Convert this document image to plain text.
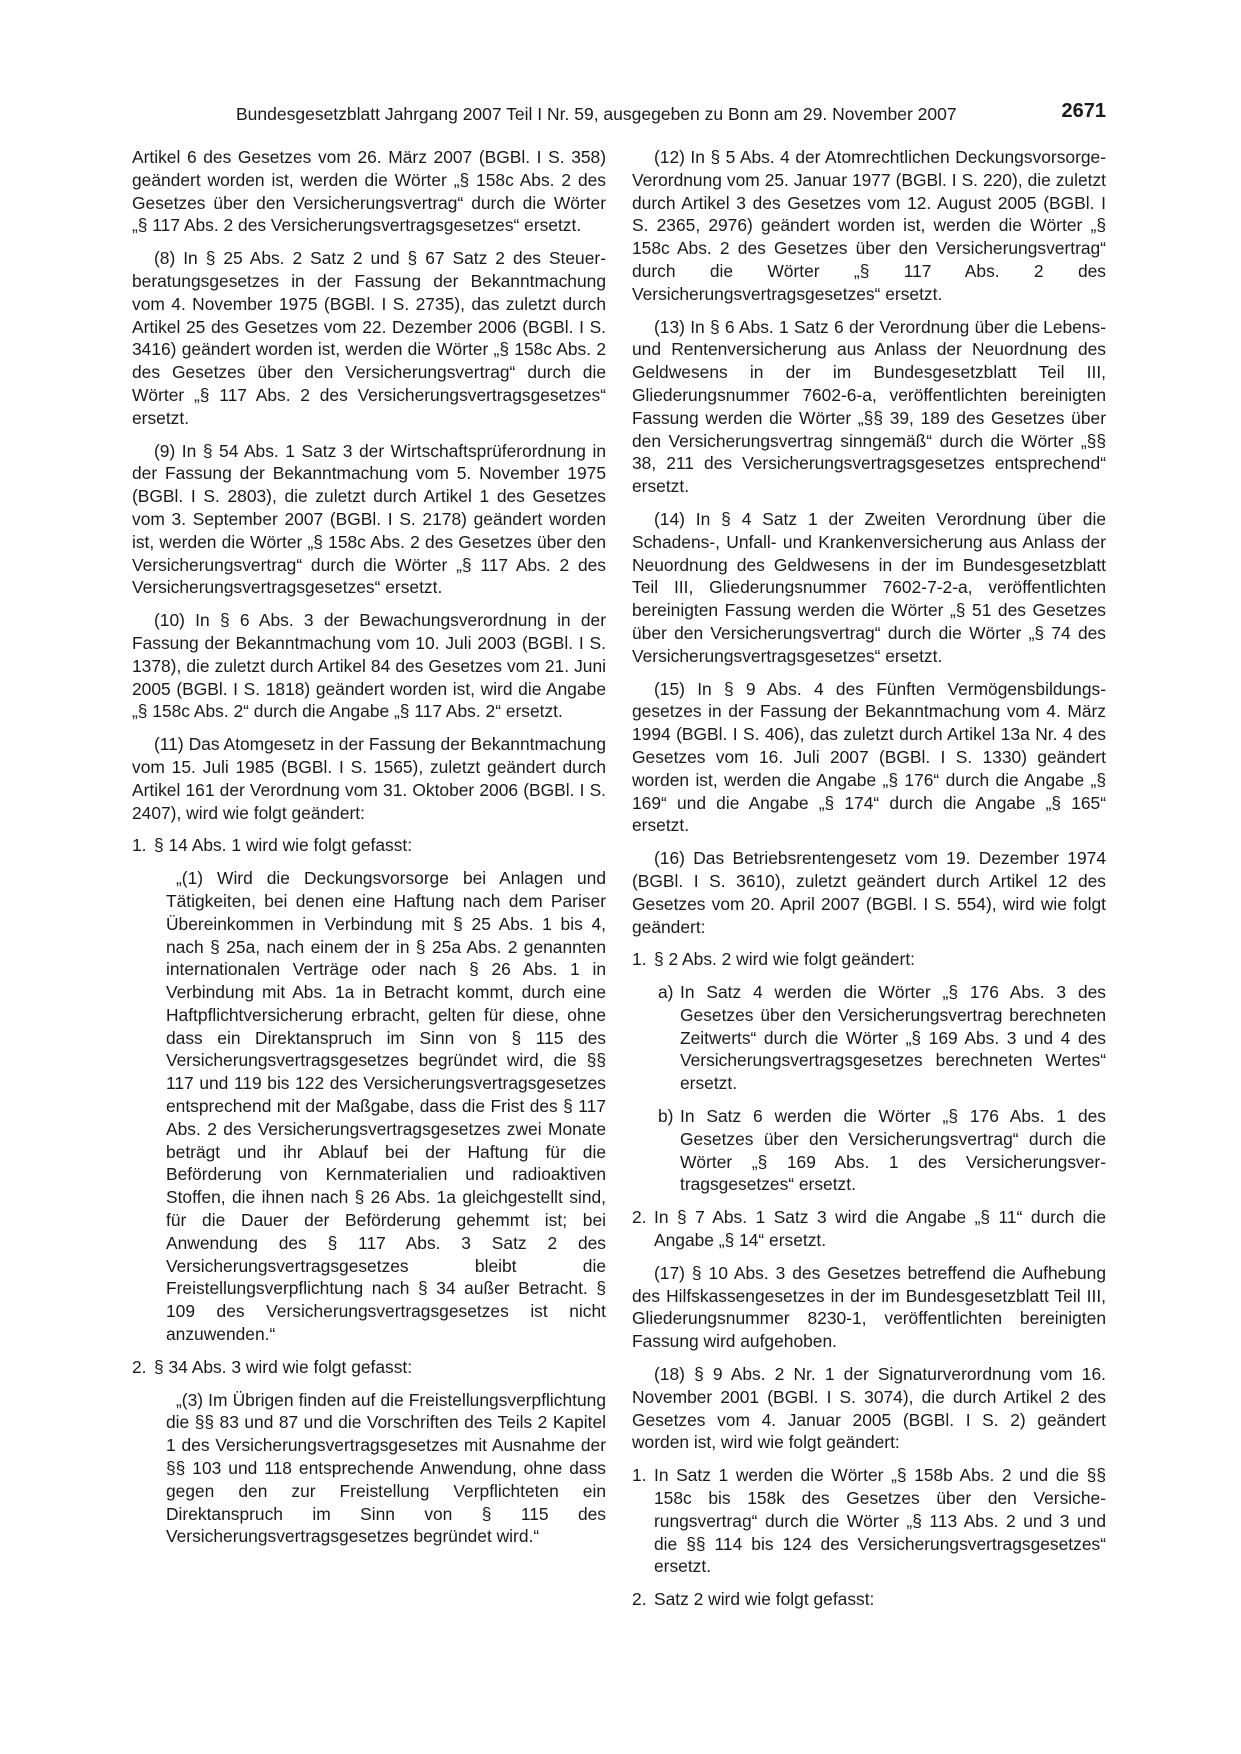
Bundesgesetzblatt Jahrgang 2007 Teil I Nr. 59, ausgegeben zu Bonn am 29. November 2007	2671

Artikel 6 des Gesetzes vom 26. März 2007 (BGBl. I S. 358) geändert worden ist, werden die Wörter „§ 158c Abs. 2 des Gesetzes über den Versicherungsvertrag“ durch die Wörter „§ 117 Abs. 2 des Versicherungsvertragsgesetzes“ ersetzt.

(8) In § 25 Abs. 2 Satz 2 und § 67 Satz 2 des Steuerberatungsgesetzes in der Fassung der Bekanntmachung vom 4. November 1975 (BGBl. I S. 2735), das zuletzt durch Artikel 25 des Gesetzes vom 22. Dezember 2006 (BGBl. I S. 3416) geändert worden ist, werden die Wörter „§ 158c Abs. 2 des Gesetzes über den Versicherungsvertrag“ durch die Wörter „§ 117 Abs. 2 des Versicherungsvertragsgesetzes“ ersetzt.

(9) In § 54 Abs. 1 Satz 3 der Wirtschaftsprüferordnung in der Fassung der Bekanntmachung vom 5. November 1975 (BGBl. I S. 2803), die zuletzt durch Artikel 1 des Gesetzes vom 3. September 2007 (BGBl. I S. 2178) geändert worden ist, werden die Wörter „§ 158c Abs. 2 des Gesetzes über den Versicherungsvertrag“ durch die Wörter „§ 117 Abs. 2 des Versicherungsvertragsgesetzes“ ersetzt.

(10) In § 6 Abs. 3 der Bewachungsverordnung in der Fassung der Bekanntmachung vom 10. Juli 2003 (BGBl. I S. 1378), die zuletzt durch Artikel 84 des Gesetzes vom 21. Juni 2005 (BGBl. I S. 1818) geändert worden ist, wird die Angabe „§ 158c Abs. 2“ durch die Angabe „§ 117 Abs. 2“ ersetzt.

(11) Das Atomgesetz in der Fassung der Bekanntmachung vom 15. Juli 1985 (BGBl. I S. 1565), zuletzt geändert durch Artikel 161 der Verordnung vom 31. Oktober 2006 (BGBl. I S. 2407), wird wie folgt geändert:

1. § 14 Abs. 1 wird wie folgt gefasst:

„(1) Wird die Deckungsvorsorge bei Anlagen und Tätigkeiten, bei denen eine Haftung nach dem Pariser Übereinkommen in Verbindung mit § 25 Abs. 1 bis 4, nach § 25a, nach einem der in § 25a Abs. 2 genannten internationalen Verträge oder nach § 26 Abs. 1 in Verbindung mit Abs. 1a in Betracht kommt, durch eine Haftpflichtversicherung erbracht, gelten für diese, ohne dass ein Direktanspruch im Sinn von § 115 des Versicherungsvertragsgesetzes begründet wird, die §§ 117 und 119 bis 122 des Versicherungsvertragsgesetzes entsprechend mit der Maßgabe, dass die Frist des § 117 Abs. 2 des Versicherungsvertragsgesetzes zwei Monate beträgt und ihr Ablauf bei der Haftung für die Beförderung von Kernmaterialien und radioaktiven Stoffen, die ihnen nach § 26 Abs. 1a gleichgestellt sind, für die Dauer der Beförderung gehemmt ist; bei Anwendung des § 117 Abs. 3 Satz 2 des Versicherungsvertragsgesetzes bleibt die Freistellungsverpflichtung nach § 34 außer Betracht. § 109 des Versicherungsvertragsgesetzes ist nicht anzuwenden.“

2. § 34 Abs. 3 wird wie folgt gefasst:

„(3) Im Übrigen finden auf die Freistellungsverpflichtung die §§ 83 und 87 und die Vorschriften des Teils 2 Kapitel 1 des Versicherungsvertragsgesetzes mit Ausnahme der §§ 103 und 118 entsprechende Anwendung, ohne dass gegen den zur Freistellung Verpflichteten ein Direktanspruch im Sinn von § 115 des Versicherungsvertragsgesetzes begründet wird.“

(12) In § 5 Abs. 4 der Atomrechtlichen Deckungsvorsorge-Verordnung vom 25. Januar 1977 (BGBl. I S. 220), die zuletzt durch Artikel 3 des Gesetzes vom 12. August 2005 (BGBl. I S. 2365, 2976) geändert worden ist, werden die Wörter „§ 158c Abs. 2 des Gesetzes über den Versicherungsvertrag“ durch die Wörter „§ 117 Abs. 2 des Versicherungsvertragsgesetzes“ ersetzt.

(13) In § 6 Abs. 1 Satz 6 der Verordnung über die Lebens- und Rentenversicherung aus Anlass der Neuordnung des Geldwesens in der im Bundesgesetzblatt Teil III, Gliederungsnummer 7602-6-a, veröffentlichten bereinigten Fassung werden die Wörter „§§ 39, 189 des Gesetzes über den Versicherungsvertrag sinngemäß“ durch die Wörter „§§ 38, 211 des Versicherungsvertragsgesetzes entsprechend“ ersetzt.

(14) In § 4 Satz 1 der Zweiten Verordnung über die Schadens-, Unfall- und Krankenversicherung aus Anlass der Neuordnung des Geldwesens in der im Bundesgesetzblatt Teil III, Gliederungsnummer 7602-7-2-a, veröffentlichten bereinigten Fassung werden die Wörter „§ 51 des Gesetzes über den Versicherungsvertrag“ durch die Wörter „§ 74 des Versicherungsvertragsgesetzes“ ersetzt.

(15) In § 9 Abs. 4 des Fünften Vermögensbildungsgesetzes in der Fassung der Bekanntmachung vom 4. März 1994 (BGBl. I S. 406), das zuletzt durch Artikel 13a Nr. 4 des Gesetzes vom 16. Juli 2007 (BGBl. I S. 1330) geändert worden ist, werden die Angabe „§ 176“ durch die Angabe „§ 169“ und die Angabe „§ 174“ durch die Angabe „§ 165“ ersetzt.

(16) Das Betriebsrentengesetz vom 19. Dezember 1974 (BGBl. I S. 3610), zuletzt geändert durch Artikel 12 des Gesetzes vom 20. April 2007 (BGBl. I S. 554), wird wie folgt geändert:

1. § 2 Abs. 2 wird wie folgt geändert:
a) In Satz 4 werden die Wörter „§ 176 Abs. 3 des Gesetzes über den Versicherungsvertrag berechneten Zeitwerts“ durch die Wörter „§ 169 Abs. 3 und 4 des Versicherungsvertragsgesetzes berechneten Wertes“ ersetzt.
b) In Satz 6 werden die Wörter „§ 176 Abs. 1 des Gesetzes über den Versicherungsvertrag“ durch die Wörter „§ 169 Abs. 1 des Versicherungsvertragsgesetzes“ ersetzt.
2. In § 7 Abs. 1 Satz 3 wird die Angabe „§ 11“ durch die Angabe „§ 14“ ersetzt.

(17) § 10 Abs. 3 des Gesetzes betreffend die Aufhebung des Hilfskassengesetzes in der im Bundesgesetzblatt Teil III, Gliederungsnummer 8230-1, veröffentlichten bereinigten Fassung wird aufgehoben.

(18) § 9 Abs. 2 Nr. 1 der Signaturverordnung vom 16. November 2001 (BGBl. I S. 3074), die durch Artikel 2 des Gesetzes vom 4. Januar 2005 (BGBl. I S. 2) geändert worden ist, wird wie folgt geändert:

1. In Satz 1 werden die Wörter „§ 158b Abs. 2 und die §§ 158c bis 158k des Gesetzes über den Versicherungsvertrag“ durch die Wörter „§ 113 Abs. 2 und 3 und die §§ 114 bis 124 des Versicherungsvertragsgesetzes“ ersetzt.
2. Satz 2 wird wie folgt gefasst:
